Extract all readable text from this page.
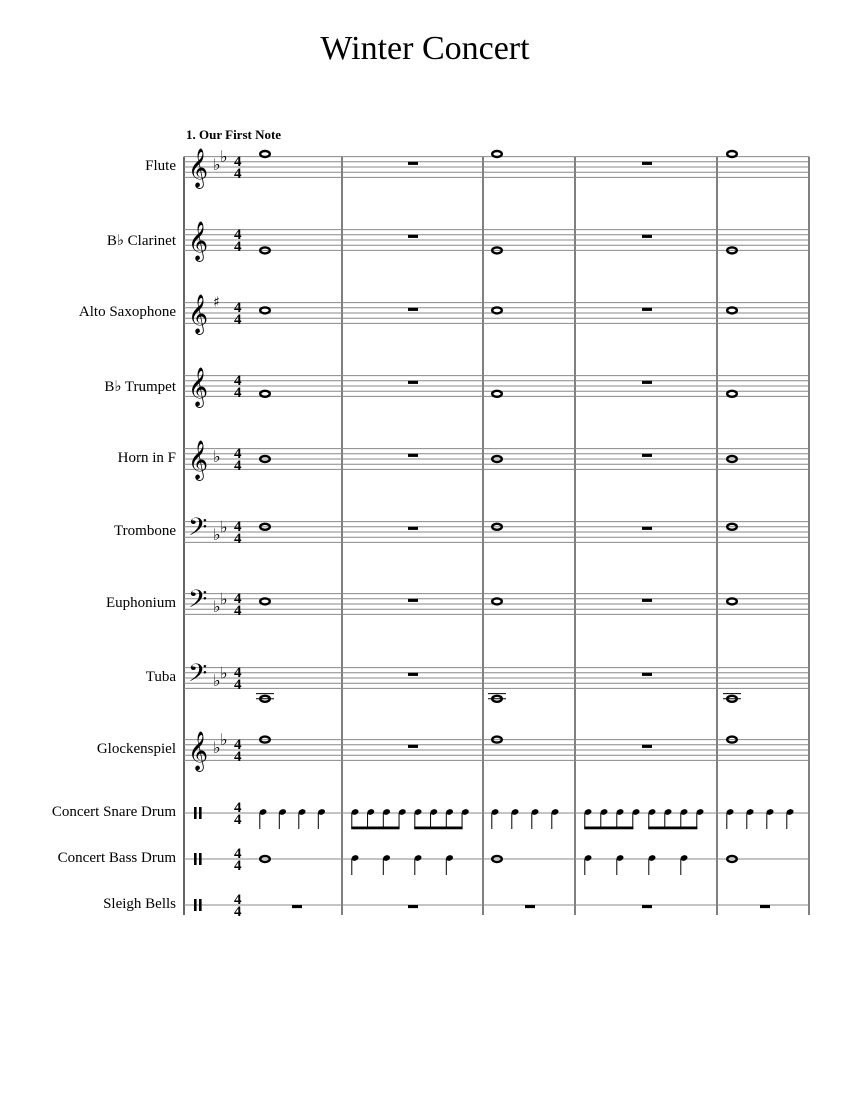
Winter Concert
1. Our First Note
Flute
B♭ Clarinet
Alto Saxophone
B♭ Trumpet
Horn in F
Trombone
Euphonium
Tuba
Glockenspiel
Concert Snare Drum
Concert Bass Drum
Sleigh Bells
𝄞 ♭ ♭ 4
4
𝄞 4
4
𝄞 ♯ 4
4
𝄞 4
4
𝄞 ♭ 4
4
𝄢 ♭ ♭ 4
4
𝄢 ♭ ♭ 4
4
𝄢 ♭ ♭ 4
4
𝄞 ♭ ♭ 4
4
4
4
4
4
4
4
